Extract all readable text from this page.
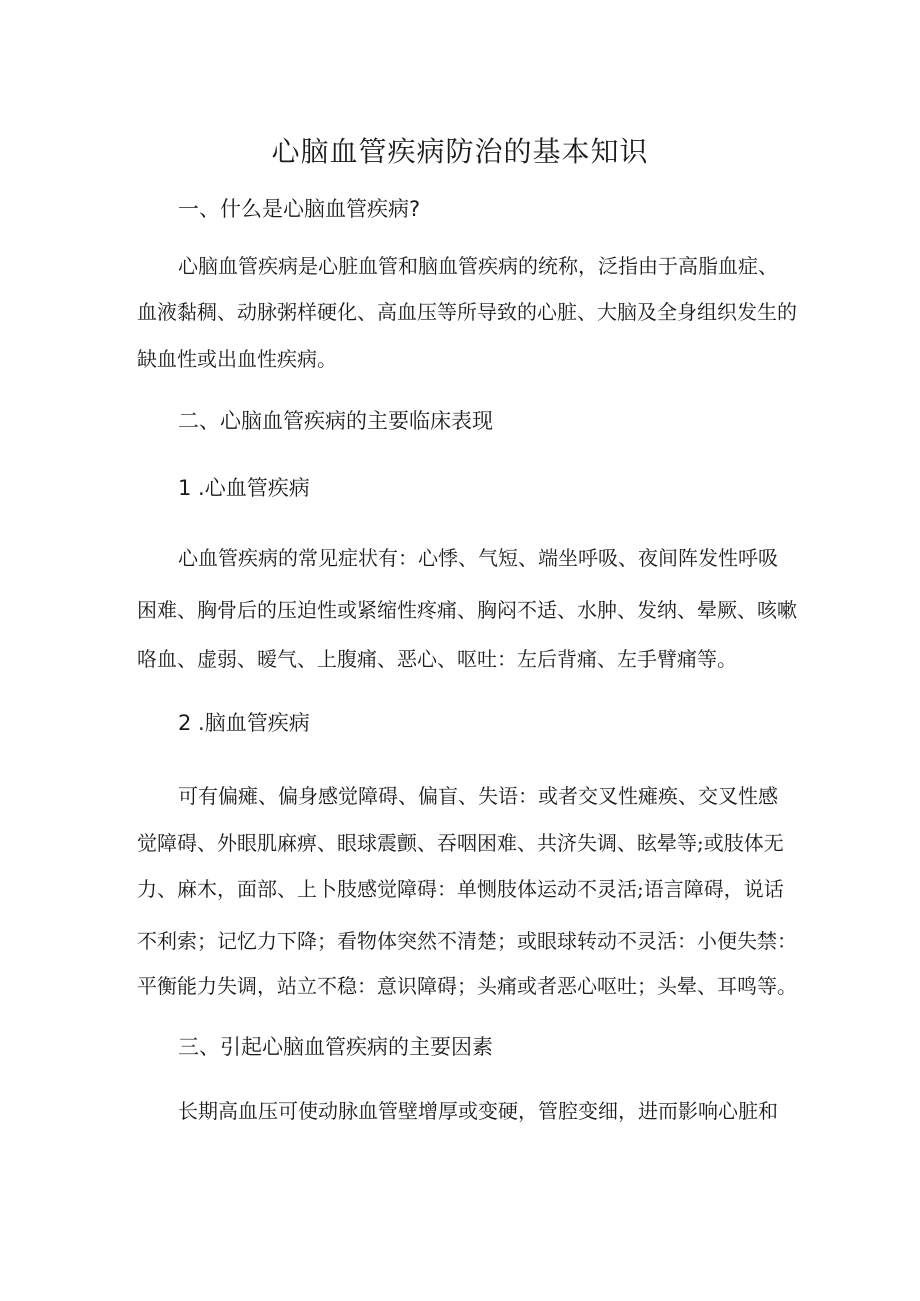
心脑血管疾病防治的基本知识
一、什么是心脑血管疾病?
心脑血管疾病是心脏血管和脑血管疾病的统称，泛指由于高脂血症、
血液黏稠、动脉粥样硬化、高血压等所导致的心脏、大脑及全身组织发生的
缺血性或出血性疾病。
二、心脑血管疾病的主要临床表现
1 .心血管疾病
心血管疾病的常见症状有：心悸、气短、端坐呼吸、夜间阵发性呼吸
困难、胸骨后的压迫性或紧缩性疼痛、胸闷不适、水肿、发纳、晕厥、咳嗽
咯血、虚弱、暧气、上腹痛、恶心、呕吐：左后背痛、左手臂痛等。
2 .脑血管疾病
可有偏瘫、偏身感觉障碍、偏盲、失语：或者交叉性瘫痪、交叉性感
觉障碍、外眼肌麻痹、眼球震颤、吞咽困难、共济失调、眩晕等;或肢体无
力、麻木，面部、上卜肢感觉障碍：单恻肢体运动不灵活;语言障碍，说话
不利索；记忆力下降；看物体突然不清楚；或眼球转动不灵活：小便失禁：
平衡能力失调，站立不稳：意识障碍；头痛或者恶心呕吐；头晕、耳鸣等。
三、引起心脑血管疾病的主要因素
长期高血压可使动脉血管壁增厚或变硬，管腔变细，进而影响心脏和
